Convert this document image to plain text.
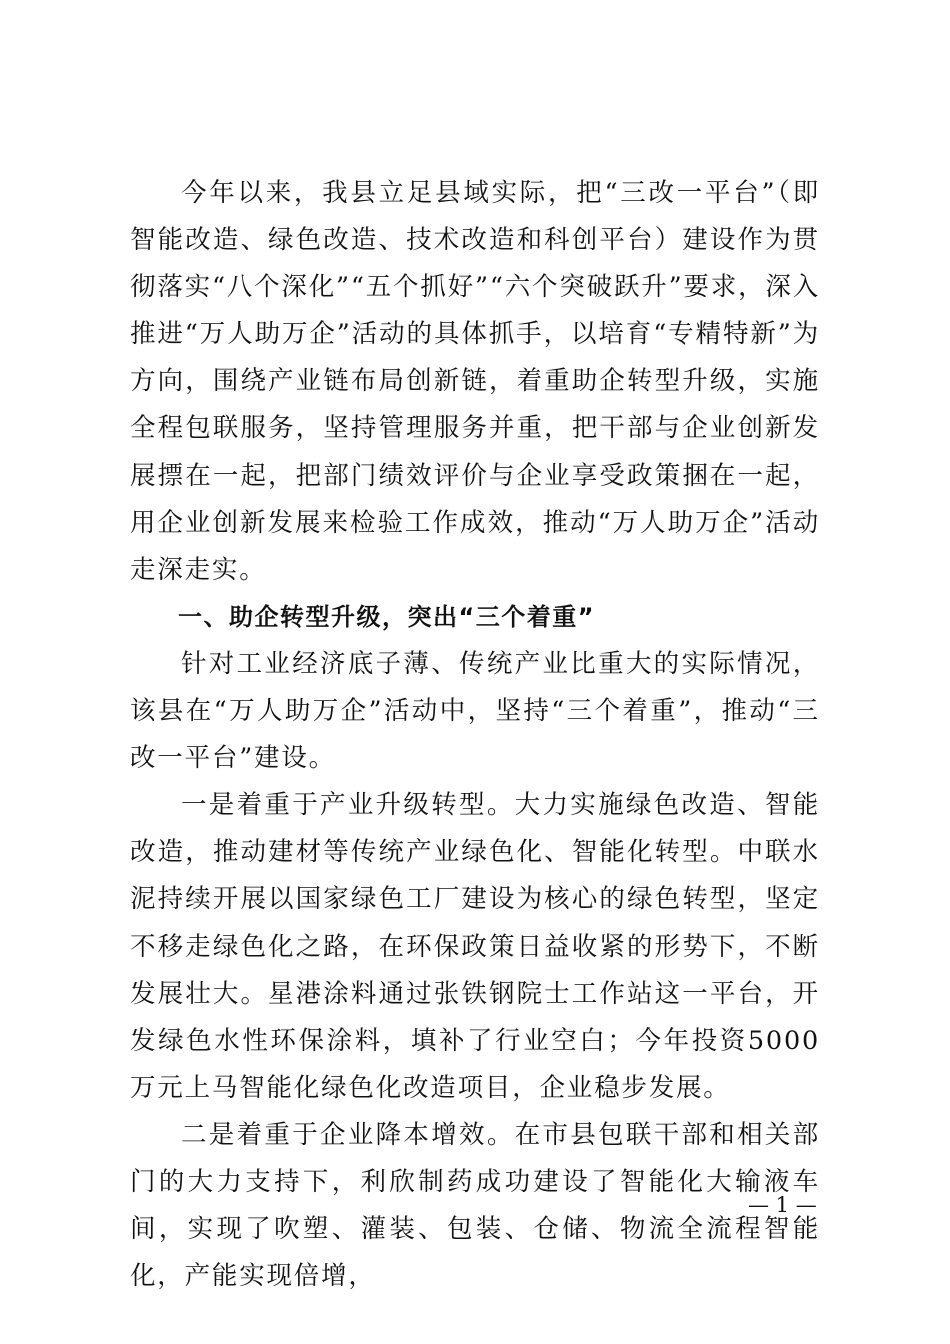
今年以来，我县立足县域实际，把“三改一平台”（即智能改造、绿色改造、技术改造和科创平台）建设作为贯彻落实“八个深化”“五个抓好”“六个突破跃升”要求，深入推进“万人助万企”活动的具体抓手，以培育“专精特新”为方向，围绕产业链布局创新链，着重助企转型升级，实施全程包联服务，坚持管理服务并重，把干部与企业创新发展摽在一起，把部门绩效评价与企业享受政策捆在一起，用企业创新发展来检验工作成效，推动“万人助万企”活动走深走实。

一、助企转型升级，突出“三个着重”

针对工业经济底子薄、传统产业比重大的实际情况，该县在“万人助万企”活动中，坚持“三个着重”，推动“三改一平台”建设。

一是着重于产业升级转型。大力实施绿色改造、智能改造，推动建材等传统产业绿色化、智能化转型。中联水泥持续开展以国家绿色工厂建设为核心的绿色转型，坚定不移走绿色化之路，在环保政策日益收紧的形势下，不断发展壮大。星港涂料通过张铁钢院士工作站这一平台，开发绿色水性环保涂料，填补了行业空白；今年投资5000万元上马智能化绿色化改造项目，企业稳步发展。

二是着重于企业降本增效。在市县包联干部和相关部门的大力支持下，利欣制药成功建设了智能化大输液车间，实现了吹塑、灌装、包装、仓储、物流全流程智能化，产能实现倍增，

— 1 —
